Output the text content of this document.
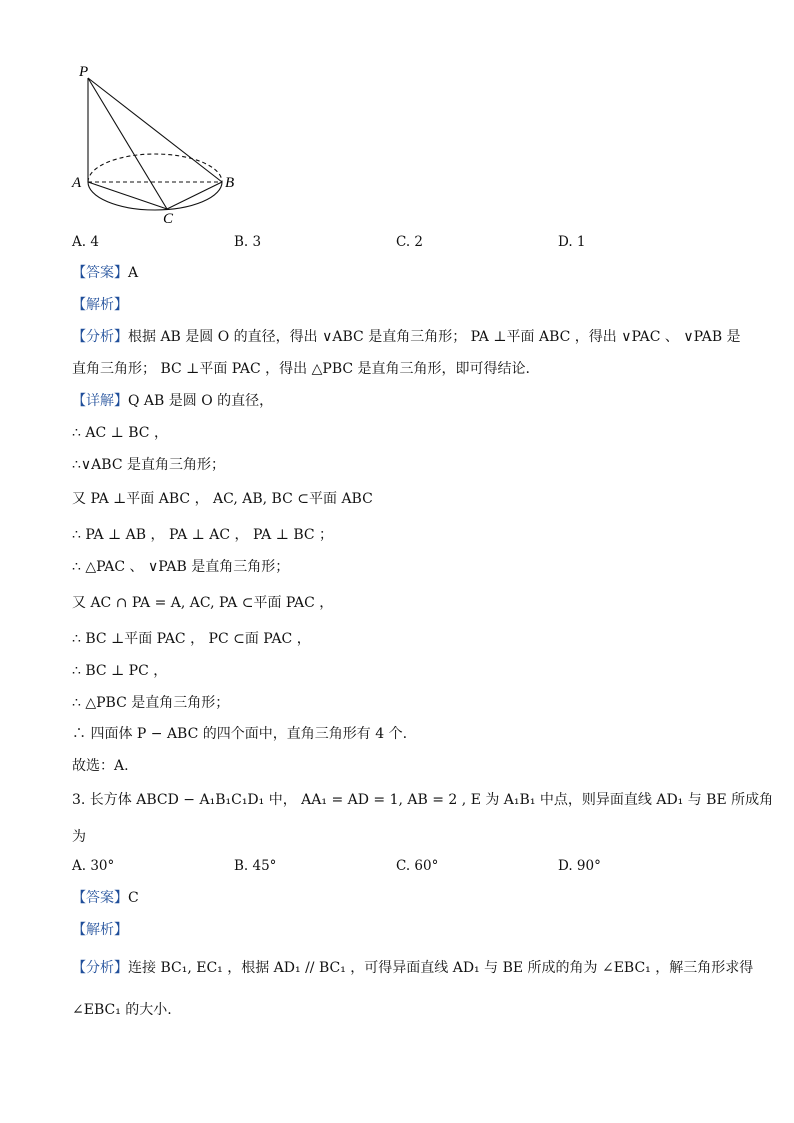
P
A	B
C
A. 4	B. 3	C. 2	D. 1
【答案】A
【解析】
【分析】根据 AB 是圆 O 的直径，得出 ∨ABC 是直角三角形； PA ⊥平面 ABC ，得出 ∨PAC 、 ∨PAB 是
直角三角形； BC ⊥平面 PAC ，得出 △PBC 是直角三角形，即可得结论.
【详解】Q AB 是圆 O 的直径，
∴ AC ⊥ BC ，
∴∨ABC 是直角三角形；
又 PA ⊥平面 ABC ， AC, AB, BC ⊂平面 ABC
∴ PA ⊥ AB ， PA ⊥ AC ， PA ⊥ BC ；
∴ △PAC 、 ∨PAB 是直角三角形；
又 AC ∩ PA = A, AC, PA ⊂平面 PAC ，
∴ BC ⊥平面 PAC ， PC ⊂面 PAC ，
∴ BC ⊥ PC ，
∴ △PBC 是直角三角形；
∴ 四面体 P − ABC 的四个面中，直角三角形有 4 个.
故选：A.
3. 长方体 ABCD − A₁B₁C₁D₁ 中， AA₁ = AD = 1, AB = 2 , E 为 A₁B₁ 中点，则异面直线 AD₁ 与 BE 所成角
为
A. 30°	B. 45°	C. 60°	D. 90°
【答案】C
【解析】
【分析】连接 BC₁, EC₁ ，根据 AD₁ // BC₁ ，可得异面直线 AD₁ 与 BE 所成的角为 ∠EBC₁ ，解三角形求得
∠EBC₁ 的大小.
